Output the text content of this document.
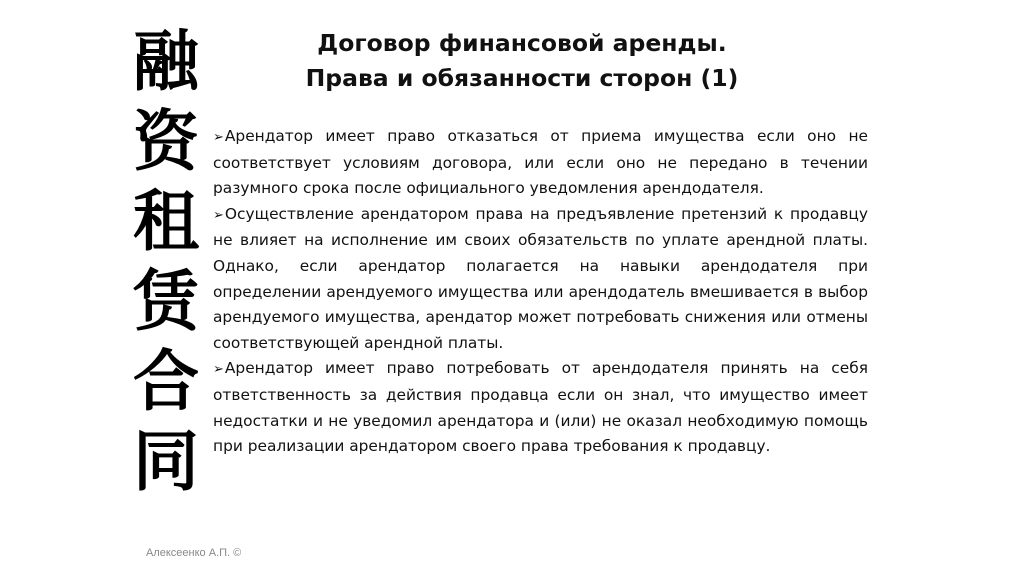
融
资
租
赁
合
同
Договор финансовой аренды.
Права и обязанности сторон (1)

➢Арендатор имеет право отказаться от приема имущества если оно не соответствует условиям договора, или если оно не передано в течении разумного срока после официального уведомления арендодателя.

➢Осуществление арендатором права на предъявление претензий к продавцу не влияет на исполнение им своих обязательств по уплате арендной платы. Однако, если арендатор полагается на навыки арендодателя при определении арендуемого имущества или арендодатель вмешивается в выбор арендуемого имущества, арендатор может потребовать снижения или отмены соответствующей арендной платы.

➢Арендатор имеет право потребовать от арендодателя принять на себя ответственность за действия продавца если он знал, что имущество имеет недостатки и не уведомил арендатора и (или) не оказал необходимую помощь при реализации арендатором своего права требования к продавцу.

Алексеенко А.П. ©
